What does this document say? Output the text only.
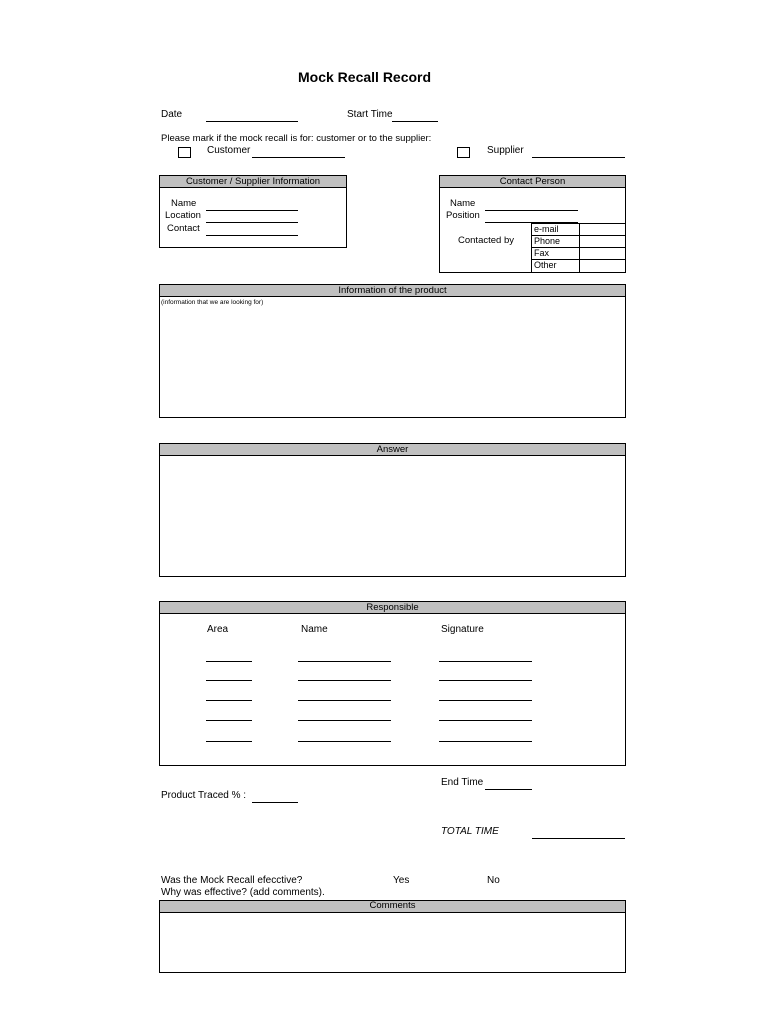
Mock Recall Record
Date	Start Time
Please mark if the mock recall is for: customer or to the supplier:
Customer	Supplier
Customer / Supplier Information
Name
Location
Contact
Contact Person
Name
Position
Contacted by
e-mail
Phone
Fax
Other
Information of the product
(information that we are looking for)
Answer
Responsible
Area	Name	Signature
End Time
Product Traced % :
TOTAL TIME
Was the Mock Recall efecctive?	Yes	No
Why was effective? (add comments).
Comments
